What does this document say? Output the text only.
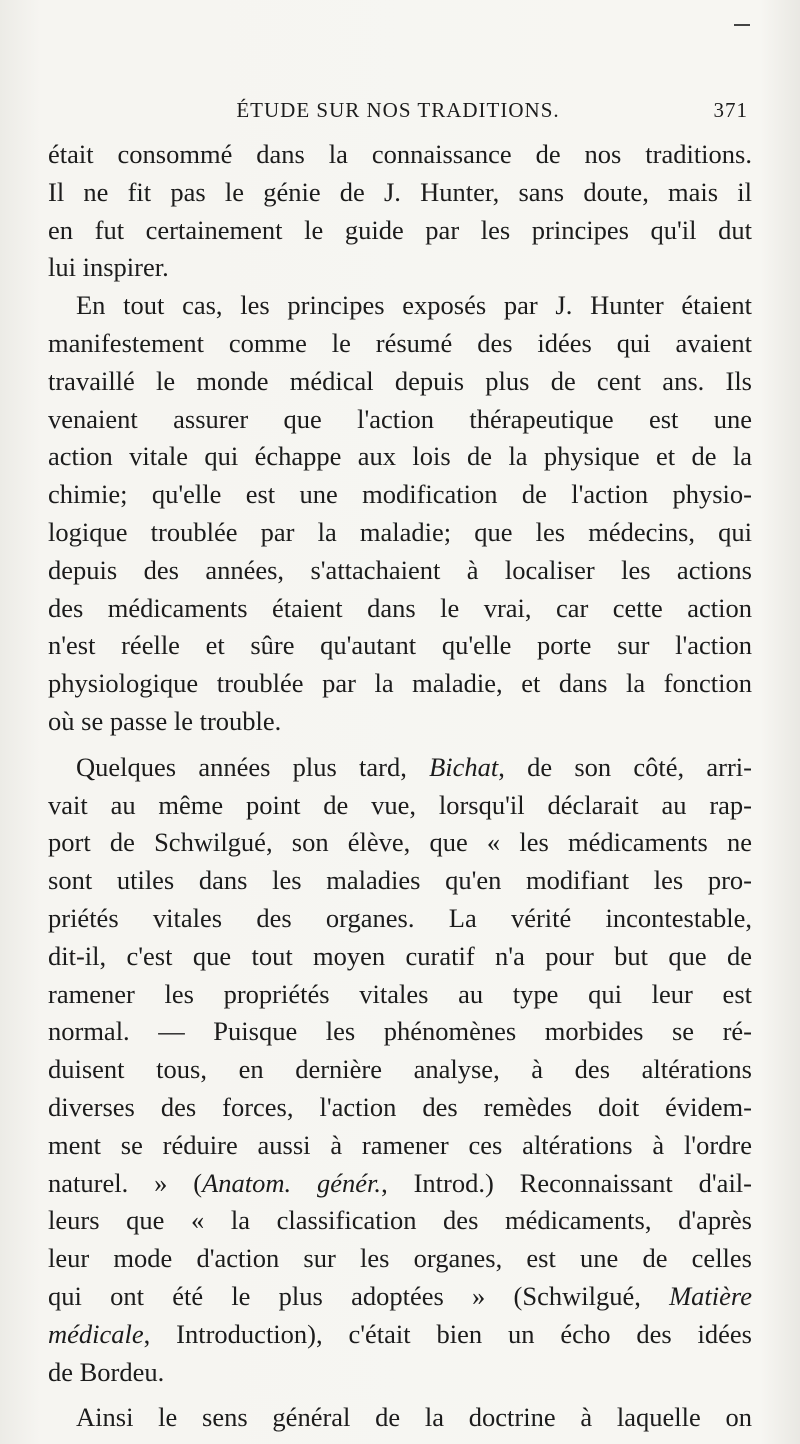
ÉTUDE SUR NOS TRADITIONS.	371

était consommé dans la connaissance de nos traditions.
Il ne fit pas le génie de J. Hunter, sans doute, mais il
en fut certainement le guide par les principes qu'il dut
lui inspirer.

En tout cas, les principes exposés par J. Hunter étaient
manifestement comme le résumé des idées qui avaient
travaillé le monde médical depuis plus de cent ans. Ils
venaient assurer que l'action thérapeutique est une
action vitale qui échappe aux lois de la physique et de la
chimie; qu'elle est une modification de l'action physio-
logique troublée par la maladie; que les médecins, qui
depuis des années, s'attachaient à localiser les actions
des médicaments étaient dans le vrai, car cette action
n'est réelle et sûre qu'autant qu'elle porte sur l'action
physiologique troublée par la maladie, et dans la fonction
où se passe le trouble.

Quelques années plus tard, Bichat, de son côté, arri-
vait au même point de vue, lorsqu'il déclarait au rap-
port de Schwilgué, son élève, que « les médicaments ne
sont utiles dans les maladies qu'en modifiant les pro-
priétés vitales des organes. La vérité incontestable,
dit-il, c'est que tout moyen curatif n'a pour but que de
ramener les propriétés vitales au type qui leur est
normal. — Puisque les phénomènes morbides se ré-
duisent tous, en dernière analyse, à des altérations
diverses des forces, l'action des remèdes doit évidem-
ment se réduire aussi à ramener ces altérations à l'ordre
naturel. » (Anatom. génér., Introd.) Reconnaissant d'ail-
leurs que « la classification des médicaments, d'après
leur mode d'action sur les organes, est une de celles
qui ont été le plus adoptées » (Schwilgué, Matière
médicale, Introduction), c'était bien un écho des idées
de Bordeu.

Ainsi le sens général de la doctrine à laquelle on
